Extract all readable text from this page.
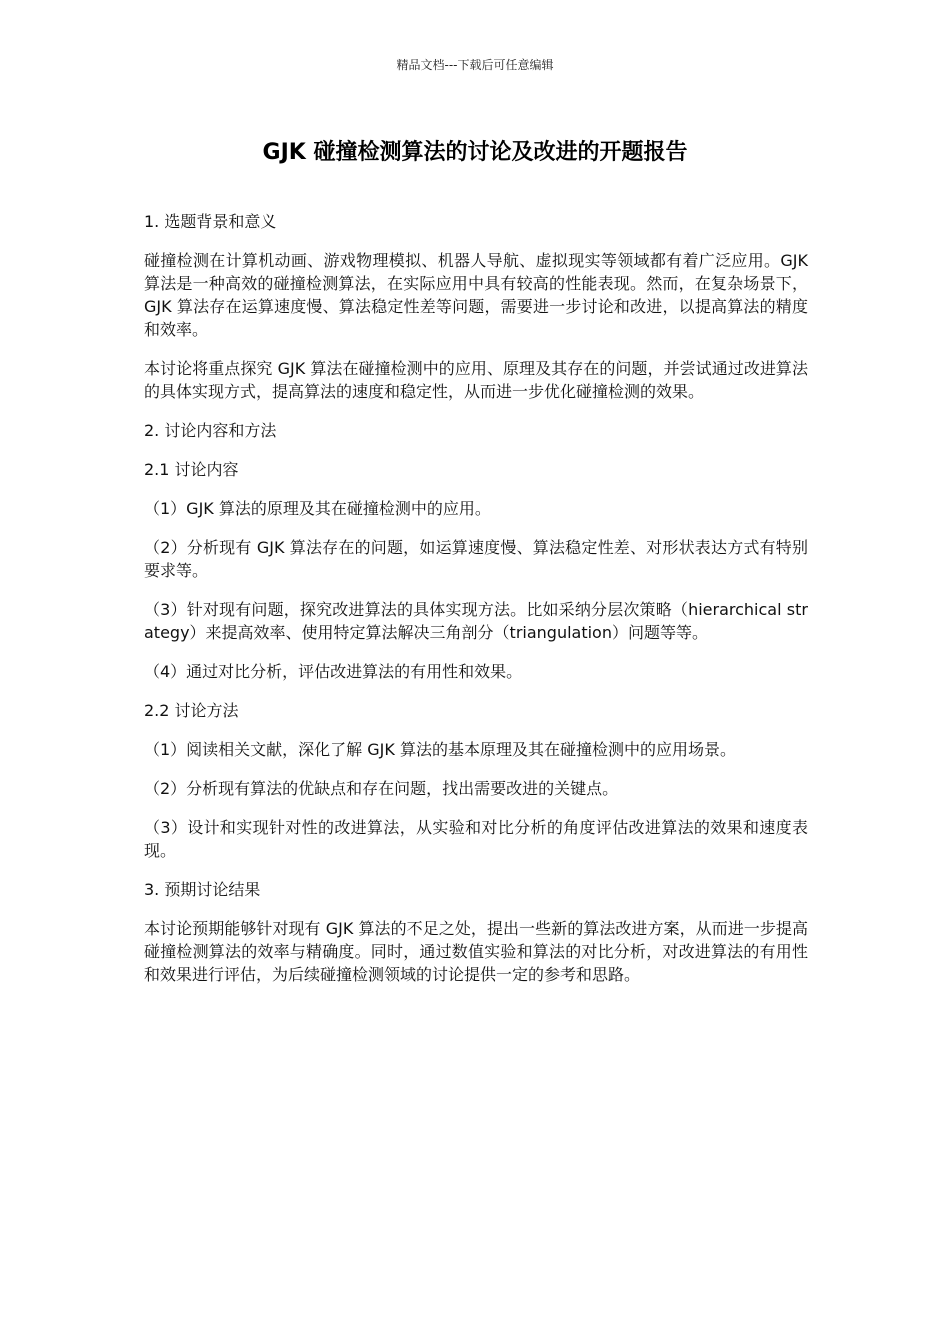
精品文档---下载后可任意编辑
GJK 碰撞检测算法的讨论及改进的开题报告
1. 选题背景和意义

碰撞检测在计算机动画、游戏物理模拟、机器人导航、虚拟现实等领域都有着广泛应用。GJK 算法是一种高效的碰撞检测算法，在实际应用中具有较高的性能表现。然而，在复杂场景下，GJK 算法存在运算速度慢、算法稳定性差等问题，需要进一步讨论和改进，以提高算法的精度和效率。

本讨论将重点探究 GJK 算法在碰撞检测中的应用、原理及其存在的问题，并尝试通过改进算法的具体实现方式，提高算法的速度和稳定性，从而进一步优化碰撞检测的效果。

2. 讨论内容和方法
2.1 讨论内容

（1）GJK 算法的原理及其在碰撞检测中的应用。

（2）分析现有 GJK 算法存在的问题，如运算速度慢、算法稳定性差、对形状表达方式有特别要求等。

（3）针对现有问题，探究改进算法的具体实现方法。比如采纳分层次策略（hierarchical strategy）来提高效率、使用特定算法解决三角剖分（triangulation）问题等等。

（4）通过对比分析，评估改进算法的有用性和效果。

2.2 讨论方法

（1）阅读相关文献，深化了解 GJK 算法的基本原理及其在碰撞检测中的应用场景。

（2）分析现有算法的优缺点和存在问题，找出需要改进的关键点。

（3）设计和实现针对性的改进算法，从实验和对比分析的角度评估改进算法的效果和速度表现。

3. 预期讨论结果

本讨论预期能够针对现有 GJK 算法的不足之处，提出一些新的算法改进方案，从而进一步提高碰撞检测算法的效率与精确度。同时，通过数值实验和算法的对比分析，对改进算法的有用性和效果进行评估，为后续碰撞检测领域的讨论提供一定的参考和思路。
